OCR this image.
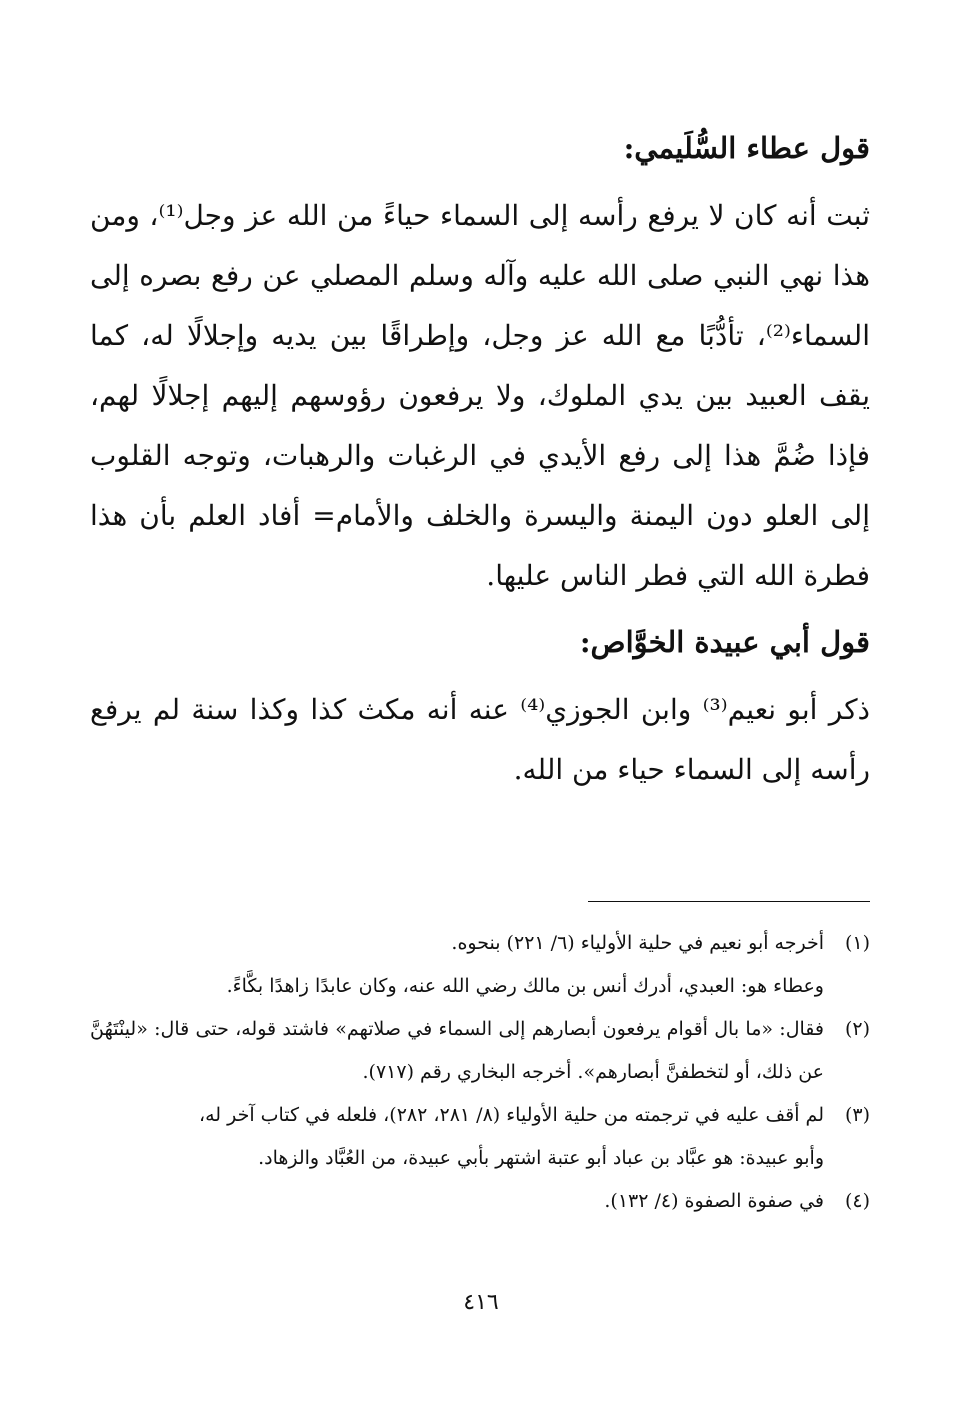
قول عطاء السُّلَيمي:

ثبت أنه كان لا يرفع رأسه إلى السماء حياءً من الله عز وجل⁽¹⁾، ومن هذا نهي النبي صلى الله عليه وآله وسلم المصلي عن رفع بصره إلى السماء⁽²⁾، تأدُّبًا مع الله عز وجل، وإطراقًا بين يديه وإجلالًا له، كما يقف العبيد بين يدي الملوك، ولا يرفعون رؤوسهم إليهم إجلالًا لهم، فإذا ضُمَّ هذا إلى رفع الأيدي في الرغبات والرهبات، وتوجه القلوب إلى العلو دون اليمنة واليسرة والخلف والأمام= أفاد العلم بأن هذا فطرة الله التي فطر الناس عليها.

قول أبي عبيدة الخوَّاص:

ذكر أبو نعيم⁽³⁾ وابن الجوزي⁽⁴⁾ عنه أنه مكث كذا وكذا سنة لم يرفع رأسه إلى السماء حياء من الله.

(١)
أخرجه أبو نعيم في حلية الأولياء (٦/ ٢٢١) بنحوه.
وعطاء هو: العبدي، أدرك أنس بن مالك رضي الله عنه، وكان عابدًا زاهدًا بكَّاءً.
(٢)
فقال: «ما بال أقوام يرفعون أبصارهم إلى السماء في صلاتهم» فاشتد قوله، حتى قال: «لينْتَهُنَّ عن ذلك، أو لتخطفنَّ أبصارهم». أخرجه البخاري رقم (٧١٧).
(٣)
لم أقف عليه في ترجمته من حلية الأولياء (٨/ ٢٨١، ٢٨٢)، فلعله في كتاب آخر له،
وأبو عبيدة: هو عبَّاد بن عباد أبو عتبة اشتهر بأبي عبيدة، من العُبَّاد والزهاد.
(٤)
في صفوة الصفوة (٤/ ١٣٢).
٤١٦
